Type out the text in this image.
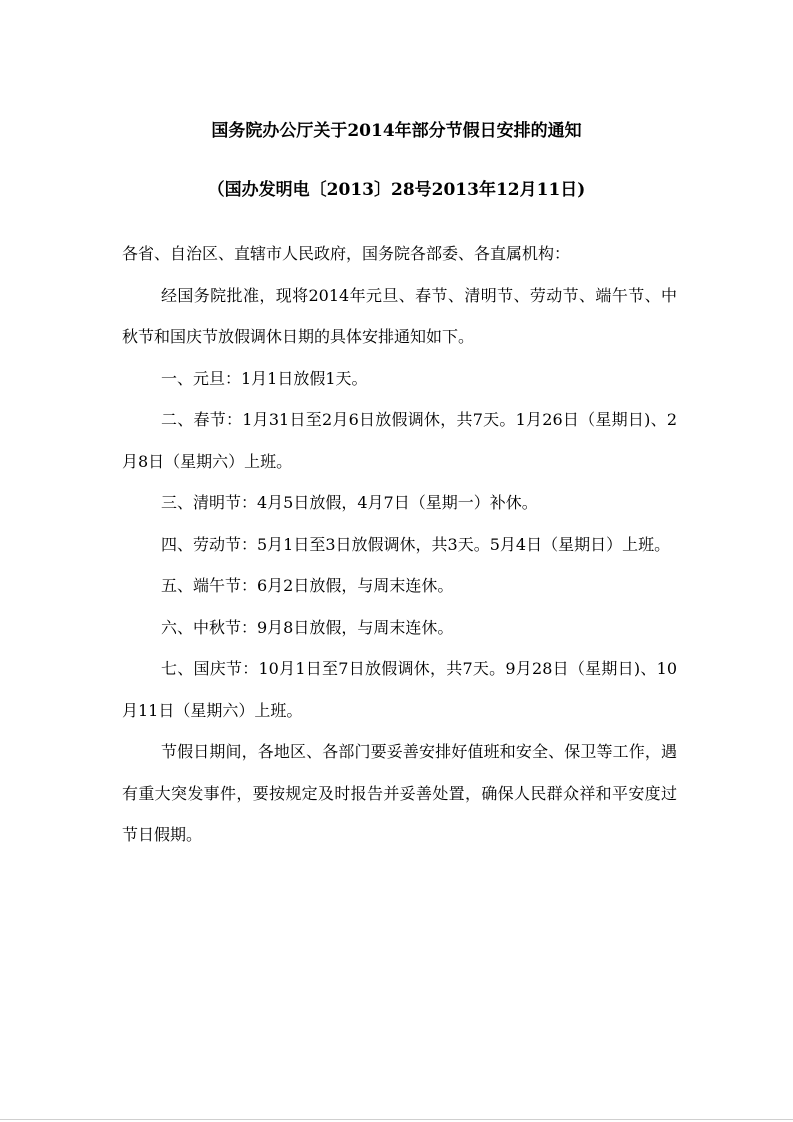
国务院办公厅关于2014年部分节假日安排的通知
（国办发明电〔2013〕28号2013年12月11日)

各省、自治区、直辖市人民政府，国务院各部委、各直属机构：

经国务院批准，现将2014年元旦、春节、清明节、劳动节、端午节、中秋节和国庆节放假调休日期的具体安排通知如下。

一、元旦：1月1日放假1天。

二、春节：1月31日至2月6日放假调休，共7天。1月26日（星期日)、2月8日（星期六）上班。

三、清明节：4月5日放假，4月7日（星期一）补休。

四、劳动节：5月1日至3日放假调休，共3天。5月4日（星期日）上班。

五、端午节：6月2日放假，与周末连休。

六、中秋节：9月8日放假，与周末连休。

七、国庆节：10月1日至7日放假调休，共7天。9月28日（星期日)、10月11日（星期六）上班。

节假日期间，各地区、各部门要妥善安排好值班和安全、保卫等工作，遇有重大突发事件，要按规定及时报告并妥善处置，确保人民群众祥和平安度过节日假期。
